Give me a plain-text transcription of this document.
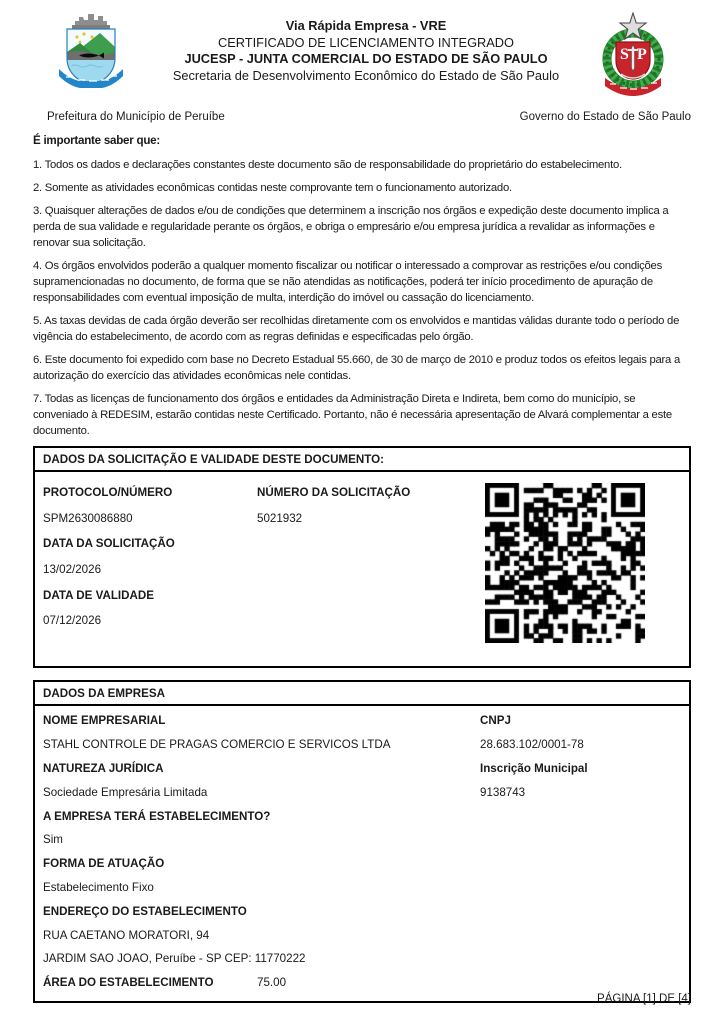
Via Rápida Empresa - VRE
CERTIFICADO DE LICENCIAMENTO INTEGRADO
JUCESP - JUNTA COMERCIAL DO ESTADO DE SÃO PAULO
Secretaria de Desenvolvimento Econômico do Estado de São Paulo
S P
Prefeitura do Município de Peruíbe	Governo do Estado de São Paulo

É importante saber que:

1. Todos os dados e declarações constantes deste documento são de responsabilidade do proprietário do estabelecimento.

2. Somente as atividades econômicas contidas neste comprovante tem o funcionamento autorizado.

3. Quaisquer alterações de dados e/ou de condições que determinem a inscrição nos órgãos e expedição deste documento implica a perda de sua validade e regularidade perante os órgãos, e obriga o empresário e/ou empresa jurídica a revalidar as informações e renovar sua solicitação.

4. Os órgãos envolvidos poderão a qualquer momento fiscalizar ou notificar o interessado a comprovar as restrições e/ou condições supramencionadas no documento, de forma que se não atendidas as notificações, poderá ter início procedimento de apuração de responsabilidades com eventual imposição de multa, interdição do imóvel ou cassação do licenciamento.

5. As taxas devidas de cada órgão deverão ser recolhidas diretamente com os envolvidos e mantidas válidas durante todo o período de vigência do estabelecimento, de acordo com as regras definidas e especificadas pelo órgão.

6. Este documento foi expedido com base no Decreto Estadual 55.660, de 30 de março de 2010 e produz todos os efeitos legais para a autorização do exercício das atividades econômicas nele contidas.

7. Todas as licenças de funcionamento dos órgãos e entidades da Administração Direta e Indireta, bem como do município, se conveniado à REDESIM, estarão contidas neste Certificado. Portanto, não é necessária apresentação de Alvará complementar a este documento.

DADOS DA SOLICITAÇÃO E VALIDADE DESTE DOCUMENTO:
PROTOCOLO/NÚMERO
SPM2630086880
DATA DA SOLICITAÇÃO
13/02/2026
DATA DE VALIDADE
07/12/2026
NÚMERO DA SOLICITAÇÃO
5021932
DADOS DA EMPRESA
NOME EMPRESARIAL	CNPJ
STAHL CONTROLE DE PRAGAS COMERCIO E SERVICOS LTDA	28.683.102/0001-78
NATUREZA JURÍDICA	Inscrição Municipal
Sociedade Empresária Limitada	9138743
A EMPRESA TERÁ ESTABELECIMENTO?
Sim
FORMA DE ATUAÇÃO
Estabelecimento Fixo
ENDEREÇO DO ESTABELECIMENTO
RUA CAETANO MORATORI, 94
JARDIM SAO JOAO, Peruíbe - SP CEP: 11770222
ÁREA DO ESTABELECIMENTO	75.00
PÁGINA [1] DE [4]
